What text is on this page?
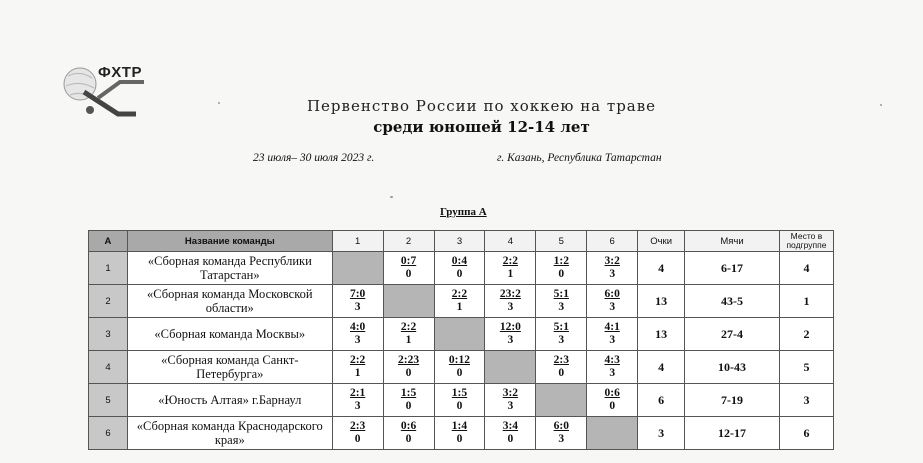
ФХТР
Первенство России по хоккею на траве
среди юношей 12-14 лет
23 июля– 30 июля 2023 г.	г. Казань, Республика Татарстан
Группа А
А	Название команды	1	2	3	4	5	6	Очки	Мячи	Место в подгруппе
1	«Сборная команда Республики Татарстан»		$\frac{0:7}{0}$	$\frac{0:4}{0}$	$\frac{2:2}{1}$	$\frac{1:2}{0}$	$\frac{3:2}{3}$	4	6-17	4
2	«Сборная команда Московской области»	$\frac{7:0}{3}$		$\frac{2:2}{1}$	$\frac{23:2}{3}$	$\frac{5:1}{3}$	$\frac{6:0}{3}$	13	43-5	1
3	«Сборная команда Москвы»	$\frac{4:0}{3}$	$\frac{2:2}{1}$		$\frac{12:0}{3}$	$\frac{5:1}{3}$	$\frac{4:1}{3}$	13	27-4	2
4	«Сборная команда Санкт-Петербурга»	$\frac{2:2}{1}$	$\frac{2:23}{0}$	$\frac{0:12}{0}$		$\frac{2:3}{0}$	$\frac{4:3}{3}$	4	10-43	5
5	«Юность Алтая» г.Барнаул	$\frac{2:1}{3}$	$\frac{1:5}{0}$	$\frac{1:5}{0}$	$\frac{3:2}{3}$		$\frac{0:6}{0}$	6	7-19	3
6	«Сборная команда Краснодарского края»	$\frac{2:3}{0}$	$\frac{0:6}{0}$	$\frac{1:4}{0}$	$\frac{3:4}{0}$	$\frac{6:0}{3}$		3	12-17	6
